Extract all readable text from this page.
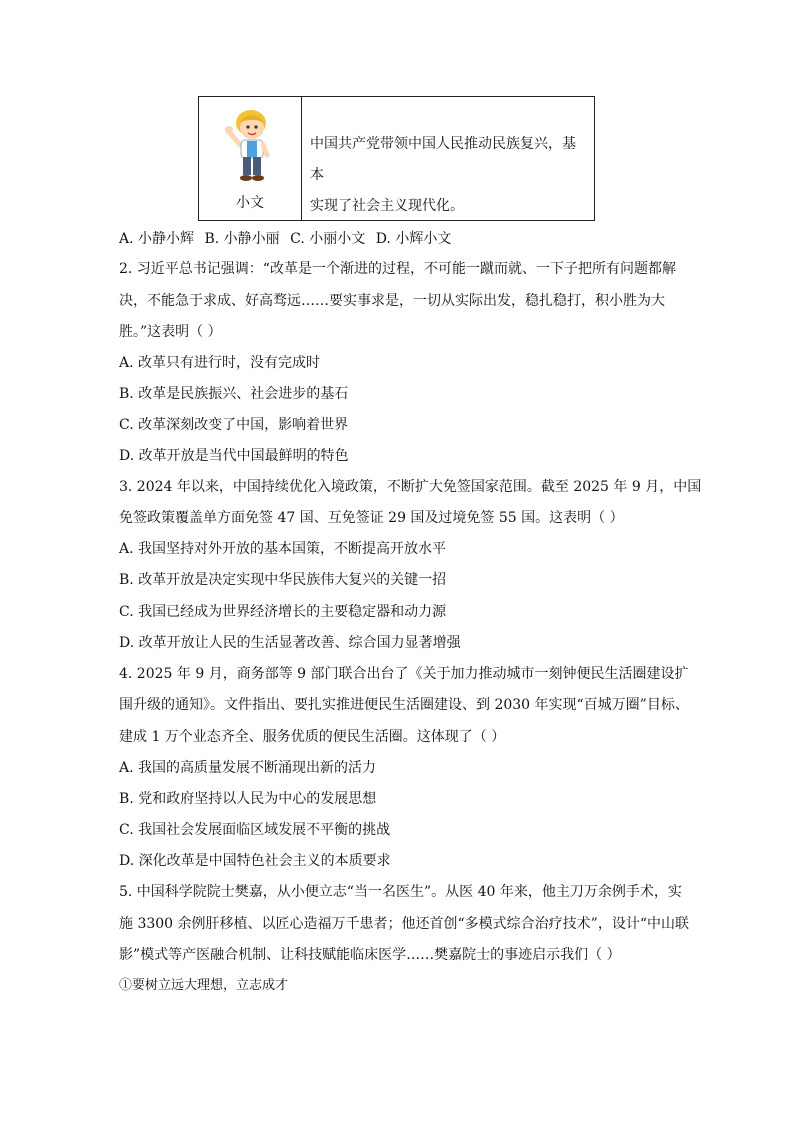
小文
中国共产党带领中国人民推动民族复兴，基本
实现了社会主义现代化。
A. 小静小辉 B. 小静小丽 C. 小丽小文 D. 小辉小文
2. 习近平总书记强调：“改革是一个渐进的过程，不可能一蹴而就、一下子把所有问题都解
决，不能急于求成、好高骛远……要实事求是，一切从实际出发，稳扎稳打，积小胜为大
胜。”这表明（ ）
A. 改革只有进行时，没有完成时
B. 改革是民族振兴、社会进步的基石
C. 改革深刻改变了中国，影响着世界
D. 改革开放是当代中国最鲜明的特色
3. 2024 年以来，中国持续优化入境政策，不断扩大免签国家范围。截至 2025 年 9 月，中国
免签政策覆盖单方面免签 47 国、互免签证 29 国及过境免签 55 国。这表明（ ）
A. 我国坚持对外开放的基本国策，不断提高开放水平
B. 改革开放是决定实现中华民族伟大复兴的关键一招
C. 我国已经成为世界经济增长的主要稳定器和动力源
D. 改革开放让人民的生活显著改善、综合国力显著增强
4. 2025 年 9 月，商务部等 9 部门联合出台了《关于加力推动城市一刻钟便民生活圈建设扩
围升级的通知》。文件指出、要扎实推进便民生活圈建设、到 2030 年实现“百城万圈”目标、
建成 1 万个业态齐全、服务优质的便民生活圈。这体现了（ ）
A. 我国的高质量发展不断涌现出新的活力
B. 党和政府坚持以人民为中心的发展思想
C. 我国社会发展面临区域发展不平衡的挑战
D. 深化改革是中国特色社会主义的本质要求
5. 中国科学院院士樊嘉，从小便立志“当一名医生”。从医 40 年来，他主刀万余例手术，实
施 3300 余例肝移植、以匠心造福万千患者；他还首创“多模式综合治疗技术”，设计“中山联
影”模式等产医融合机制、让科技赋能临床医学……樊嘉院士的事迹启示我们（ ）
①要树立远大理想，立志成才
